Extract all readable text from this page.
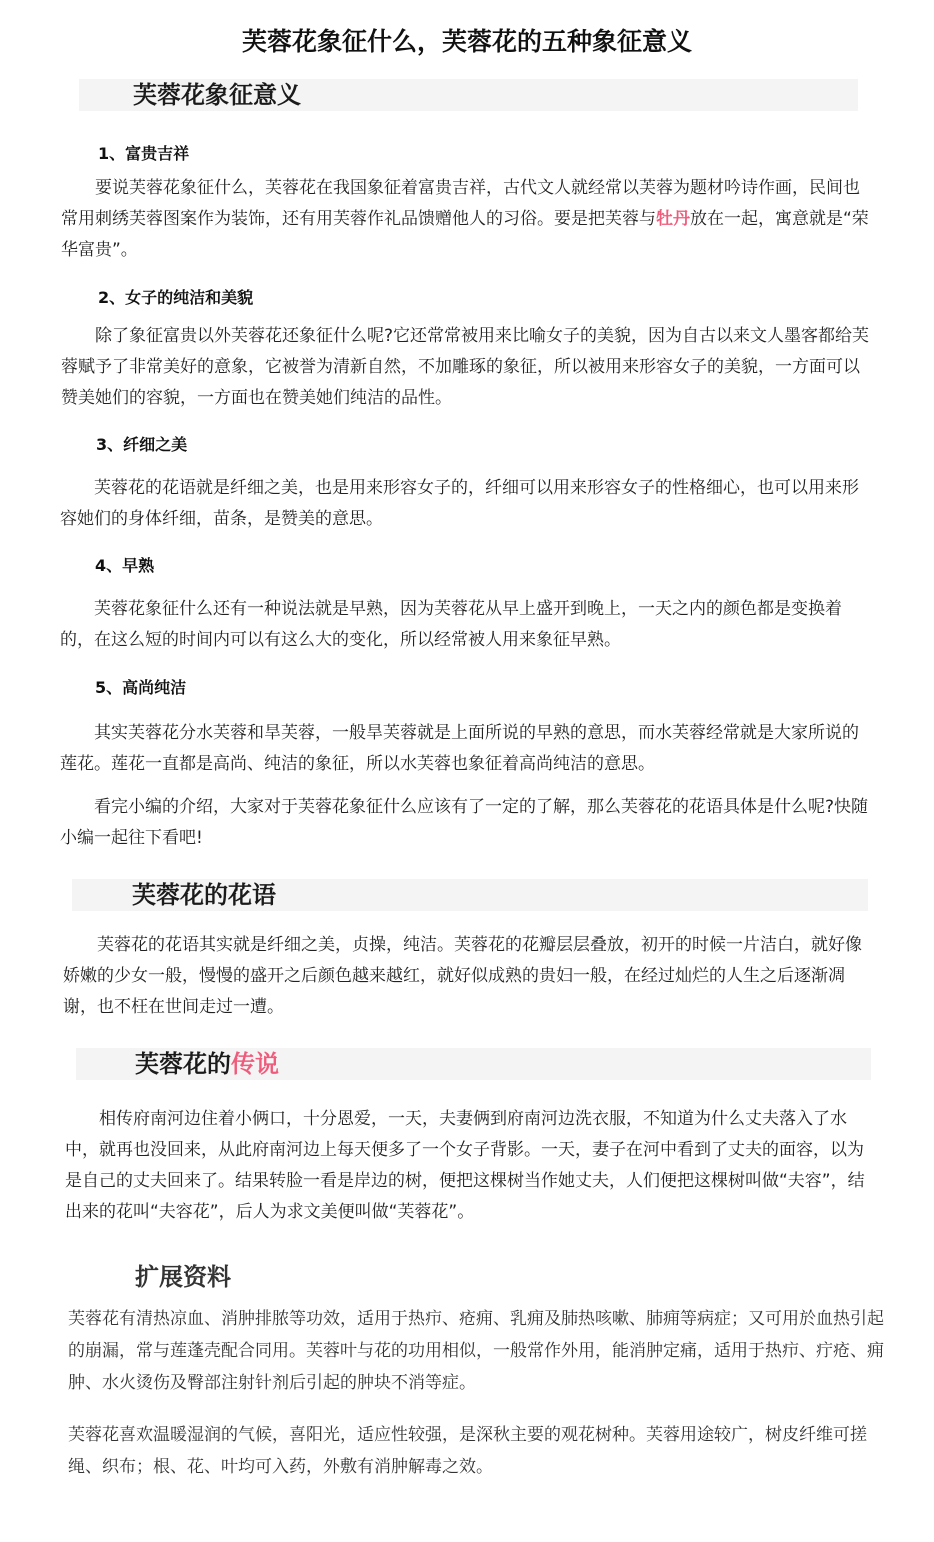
芙蓉花象征什么，芙蓉花的五种象征意义
芙蓉花象征意义
1、富贵吉祥

要说芙蓉花象征什么，芙蓉花在我国象征着富贵吉祥，古代文人就经常以芙蓉为题材吟诗作画，民间也常用刺绣芙蓉图案作为装饰，还有用芙蓉作礼品馈赠他人的习俗。要是把芙蓉与牡丹放在一起，寓意就是“荣华富贵”。

2、女子的纯洁和美貌

除了象征富贵以外芙蓉花还象征什么呢?它还常常被用来比喻女子的美貌，因为自古以来文人墨客都给芙蓉赋予了非常美好的意象，它被誉为清新自然，不加雕琢的象征，所以被用来形容女子的美貌，一方面可以赞美她们的容貌，一方面也在赞美她们纯洁的品性。

3、纤细之美

芙蓉花的花语就是纤细之美，也是用来形容女子的，纤细可以用来形容女子的性格细心，也可以用来形容她们的身体纤细，苗条，是赞美的意思。

4、早熟

芙蓉花象征什么还有一种说法就是早熟，因为芙蓉花从早上盛开到晚上，一天之内的颜色都是变换着的，在这么短的时间内可以有这么大的变化，所以经常被人用来象征早熟。

5、高尚纯洁

其实芙蓉花分水芙蓉和旱芙蓉，一般旱芙蓉就是上面所说的早熟的意思，而水芙蓉经常就是大家所说的莲花。莲花一直都是高尚、纯洁的象征，所以水芙蓉也象征着高尚纯洁的意思。

看完小编的介绍，大家对于芙蓉花象征什么应该有了一定的了解，那么芙蓉花的花语具体是什么呢?快随小编一起往下看吧!

芙蓉花的花语

芙蓉花的花语其实就是纤细之美，贞操，纯洁。芙蓉花的花瓣层层叠放，初开的时候一片洁白，就好像娇嫩的少女一般，慢慢的盛开之后颜色越来越红，就好似成熟的贵妇一般，在经过灿烂的人生之后逐渐凋谢，也不枉在世间走过一遭。

芙蓉花的传说

相传府南河边住着小俩口，十分恩爱，一天，夫妻俩到府南河边洗衣服，不知道为什么丈夫落入了水中，就再也没回来，从此府南河边上每天便多了一个女子背影。一天，妻子在河中看到了丈夫的面容，以为是自己的丈夫回来了。结果转脸一看是岸边的树，便把这棵树当作她丈夫，人们便把这棵树叫做“夫容”，结出来的花叫“夫容花”，后人为求文美便叫做“芙蓉花”。

扩展资料

芙蓉花有清热凉血、消肿排脓等功效，适用于热疖、疮痈、乳痈及肺热咳嗽、肺痈等病症；又可用於血热引起的崩漏，常与莲蓬壳配合同用。芙蓉叶与花的功用相似，一般常作外用，能消肿定痛，适用于热疖、疔疮、痈肿、水火烫伤及臀部注射针剂后引起的肿块不消等症。

芙蓉花喜欢温暖湿润的气候，喜阳光，适应性较强，是深秋主要的观花树种。芙蓉用途较广，树皮纤维可搓绳、织布；根、花、叶均可入药，外敷有消肿解毒之效。
